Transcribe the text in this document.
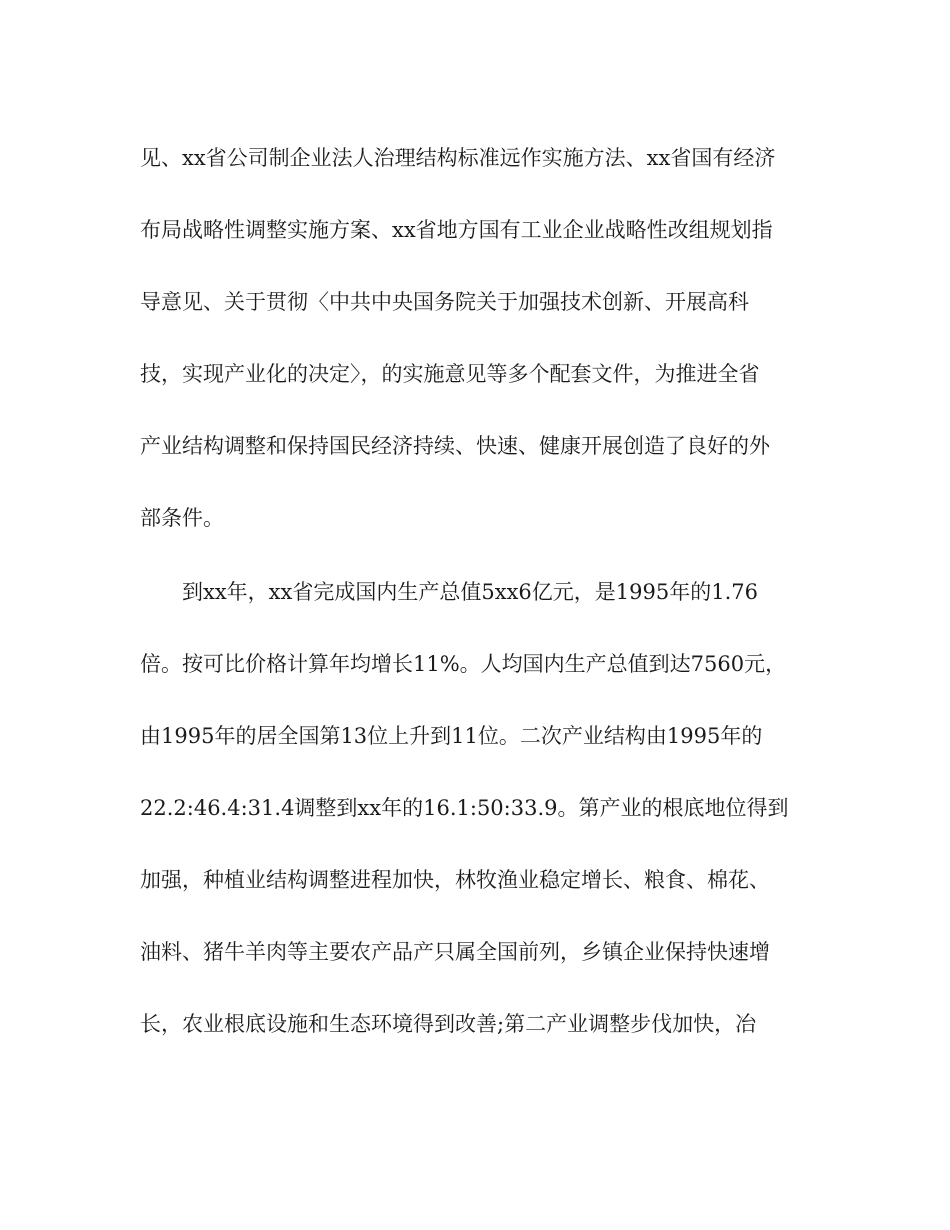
见、xx省公司制企业法人治理结构标准远作实施方法、xx省国有经济
布局战略性调整实施方案、xx省地方国有工业企业战略性改组规划指
导意见、关于贯彻〈中共中央国务院关于加强技术创新、开展高科
技，实现产业化的决定〉，的实施意见等多个配套文件，为推进全省
产业结构调整和保持国民经济持续、快速、健康开展创造了良好的外
部条件。
到xx年，xx省完成国内生产总值5xx6亿元，是1995年的1.76
倍。按可比价格计算年均增长11%。人均国内生产总值到达7560元，
由1995年的居全国第13位上升到11位。二次产业结构由1995年的
22.2:46.4:31.4调整到xx年的16.1:50:33.9。第产业的根底地位得到
加强，种植业结构调整进程加快，林牧渔业稳定增长、粮食、棉花、
油料、猪牛羊肉等主要农产品产只属全国前列，乡镇企业保持快速增
长，农业根底设施和生态环境得到改善;第二产业调整步伐加快，冶
